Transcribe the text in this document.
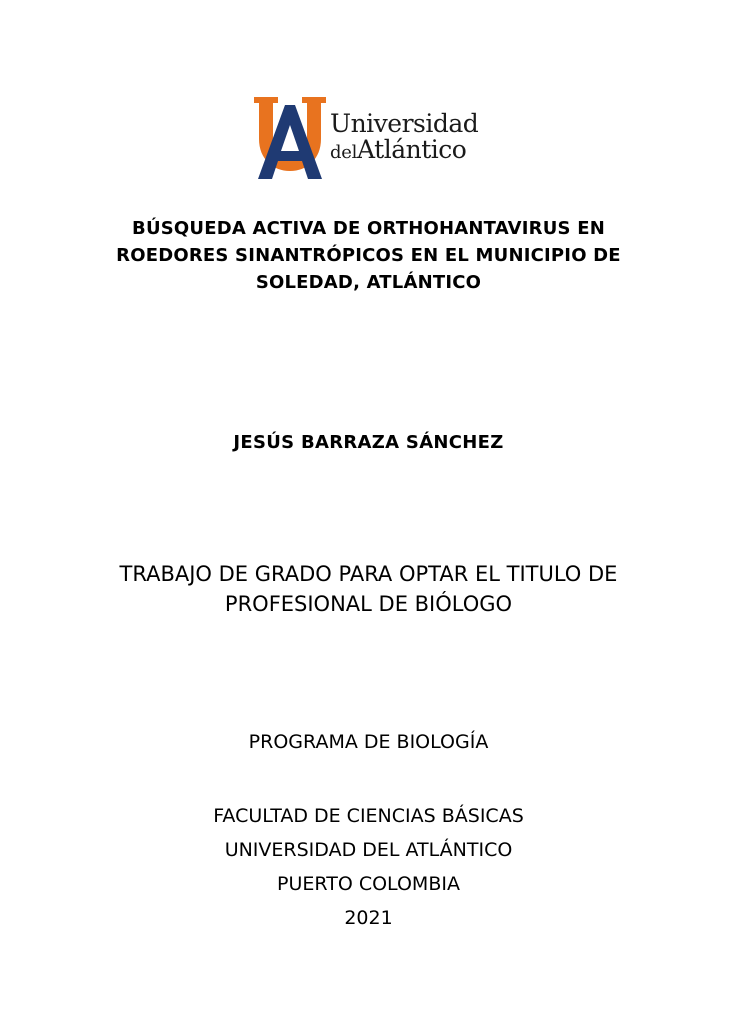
Universidad
delAtlántico
BÚSQUEDA ACTIVA DE ORTHOHANTAVIRUS EN
ROEDORES SINANTRÓPICOS EN EL MUNICIPIO DE
SOLEDAD, ATLÁNTICO
JESÚS BARRAZA SÁNCHEZ
TRABAJO DE GRADO PARA OPTAR EL TITULO DE
PROFESIONAL DE BIÓLOGO
PROGRAMA DE BIOLOGÍA
FACULTAD DE CIENCIAS BÁSICAS
UNIVERSIDAD DEL ATLÁNTICO
PUERTO COLOMBIA
2021
